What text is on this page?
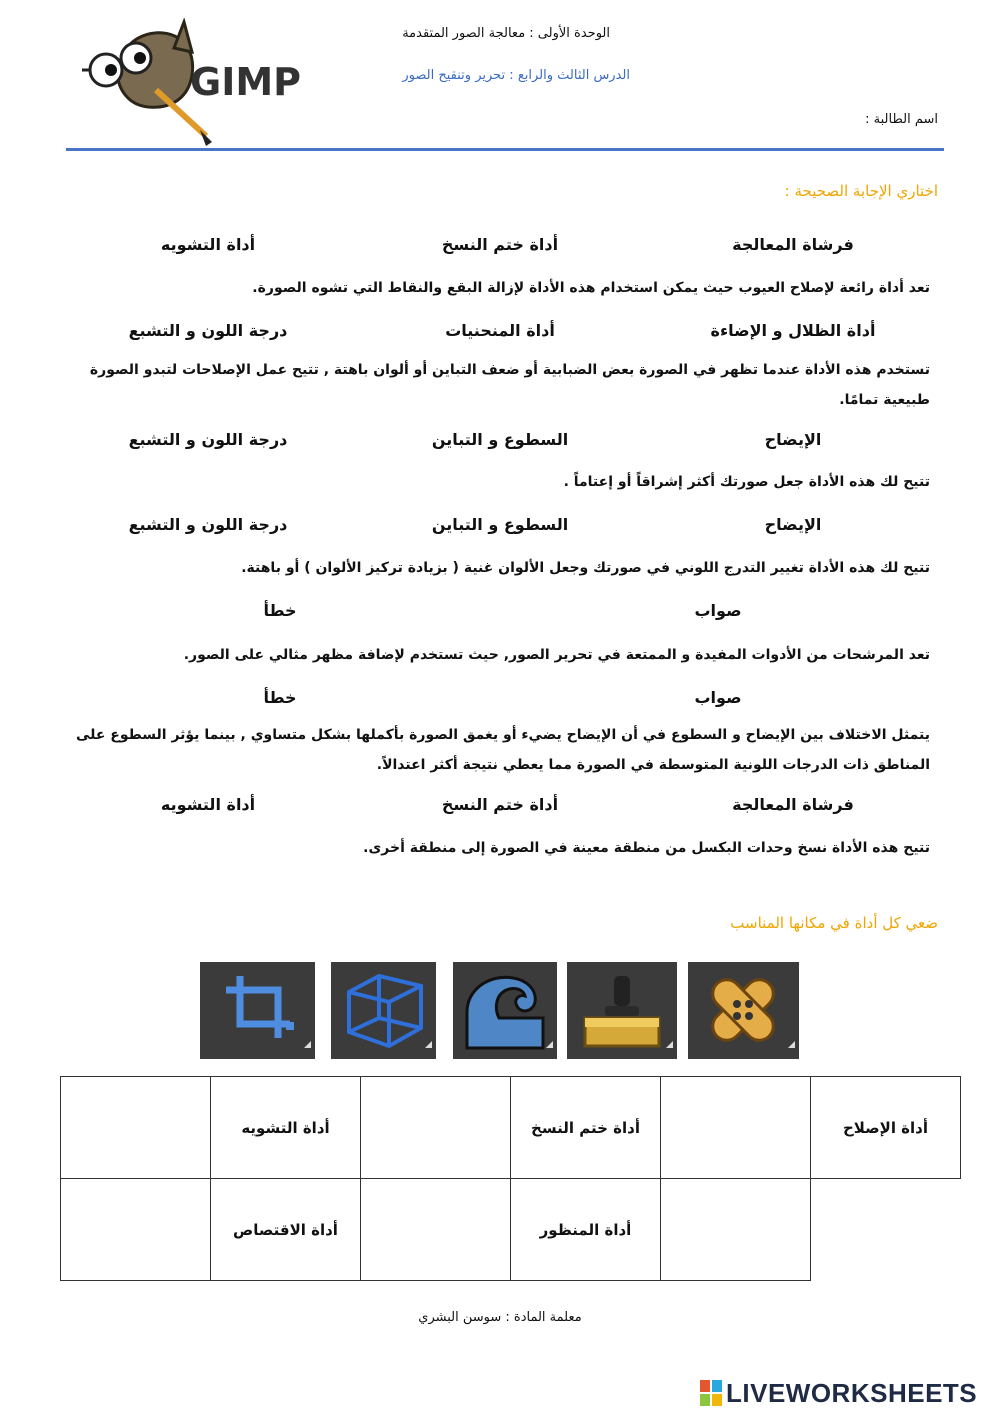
GIMP
الوحدة الأولى : معالجة الصور المتقدمة
الدرس الثالث والرابع : تحرير وتنقيح الصور
اسم الطالبة :
اختاري الإجابة الصحيحة :
فرشاة المعالجة
أداة ختم النسخ
أداة التشويه
تعد أداة رائعة لإصلاح العيوب حيث يمكن استخدام هذه الأداة لإزالة البقع والنقاط التي تشوه الصورة.
أداة الظلال و الإضاءة
أداة المنحنيات
درجة اللون و التشبع
تستخدم هذه الأداة عندما تظهر في الصورة بعض الضبابية أو ضعف التباين أو ألوان باهتة , تتيح عمل الإصلاحات لتبدو الصورة طبيعية تمامًا.
الإيضاح
السطوع و التباين
درجة اللون و التشبع
تتيح لك هذه الأداة جعل صورتك أكثر إشراقاً أو إعتاماً .
الإيضاح
السطوع و التباين
درجة اللون و التشبع
تتيح لك هذه الأداة تغيير التدرج اللوني في صورتك وجعل الألوان غنية ( بزيادة تركيز الألوان ) أو باهتة.
صواب
خطأ
تعد المرشحات من الأدوات المفيدة و الممتعة في تحرير الصور, حيث تستخدم لإضافة مظهر مثالي على الصور.
صواب
خطأ
يتمثل الاختلاف بين الإيضاح و السطوع في أن الإيضاح يضيء أو يغمق الصورة بأكملها بشكل متساوي , بينما يؤثر السطوع على المناطق ذات الدرجات اللونية المتوسطة في الصورة مما يعطي نتيجة أكثر اعتدالاً.
فرشاة المعالجة
أداة ختم النسخ
أداة التشويه
تتيح هذه الأداة نسخ وحدات البكسل من منطقة معينة في الصورة إلى منطقة أخرى.
ضعي كل أداة في مكانها المناسب
	أداة التشويه		أداة ختم النسخ		أداة الإصلاح
	أداة الاقتصاص		أداة المنظور		
معلمة المادة : سوسن البشري
LIVEWORKSHEETS
